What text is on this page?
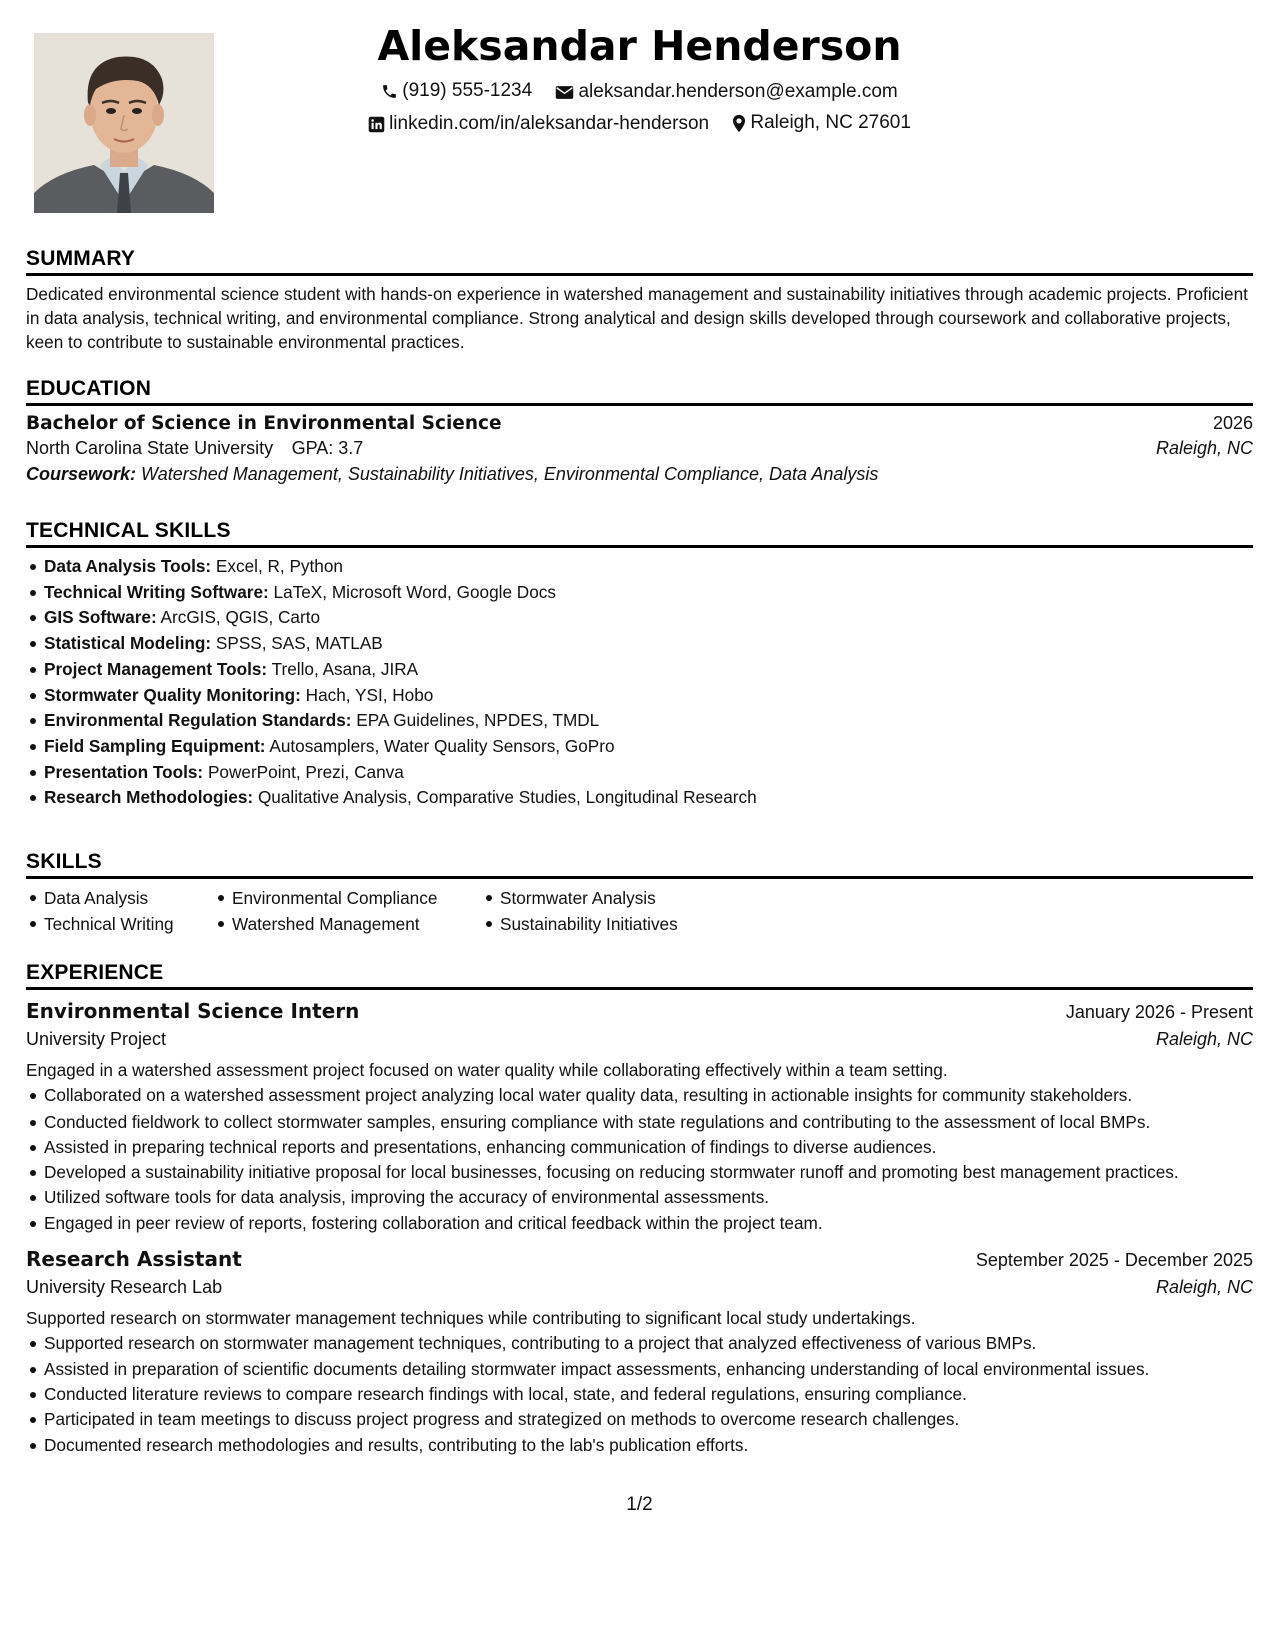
Aleksandar Henderson
(919) 555-1234
aleksandar.henderson@example.com
linkedin.com/in/aleksandar-henderson
Raleigh, NC 27601
SUMMARY
Dedicated environmental science student with hands-on experience in watershed management and sustainability initiatives through academic projects. Proficient in data analysis, technical writing, and environmental compliance. Strong analytical and design skills developed through coursework and collaborative projects, keen to contribute to sustainable environmental practices.
EDUCATION
Bachelor of Science in Environmental Science	2026
North Carolina State University GPA: 3.7	Raleigh, NC
Coursework: Watershed Management, Sustainability Initiatives, Environmental Compliance, Data Analysis
TECHNICAL SKILLS
Data Analysis Tools: Excel, R, Python
Technical Writing Software: LaTeX, Microsoft Word, Google Docs
GIS Software: ArcGIS, QGIS, Carto
Statistical Modeling: SPSS, SAS, MATLAB
Project Management Tools: Trello, Asana, JIRA
Stormwater Quality Monitoring: Hach, YSI, Hobo
Environmental Regulation Standards: EPA Guidelines, NPDES, TMDL
Field Sampling Equipment: Autosamplers, Water Quality Sensors, GoPro
Presentation Tools: PowerPoint, Prezi, Canva
Research Methodologies: Qualitative Analysis, Comparative Studies, Longitudinal Research
SKILLS
Data Analysis
Technical Writing
Environmental Compliance
Watershed Management
Stormwater Analysis
Sustainability Initiatives
EXPERIENCE
Environmental Science Intern	January 2026 - Present
University Project	Raleigh, NC
Engaged in a watershed assessment project focused on water quality while collaborating effectively within a team setting.
Collaborated on a watershed assessment project analyzing local water quality data, resulting in actionable insights for community stakeholders.
Conducted fieldwork to collect stormwater samples, ensuring compliance with state regulations and contributing to the assessment of local BMPs.
Assisted in preparing technical reports and presentations, enhancing communication of findings to diverse audiences.
Developed a sustainability initiative proposal for local businesses, focusing on reducing stormwater runoff and promoting best management practices.
Utilized software tools for data analysis, improving the accuracy of environmental assessments.
Engaged in peer review of reports, fostering collaboration and critical feedback within the project team.
Research Assistant	September 2025 - December 2025
University Research Lab	Raleigh, NC
Supported research on stormwater management techniques while contributing to significant local study undertakings.
Supported research on stormwater management techniques, contributing to a project that analyzed effectiveness of various BMPs.
Assisted in preparation of scientific documents detailing stormwater impact assessments, enhancing understanding of local environmental issues.
Conducted literature reviews to compare research findings with local, state, and federal regulations, ensuring compliance.
Participated in team meetings to discuss project progress and strategized on methods to overcome research challenges.
Documented research methodologies and results, contributing to the lab's publication efforts.
1/2
